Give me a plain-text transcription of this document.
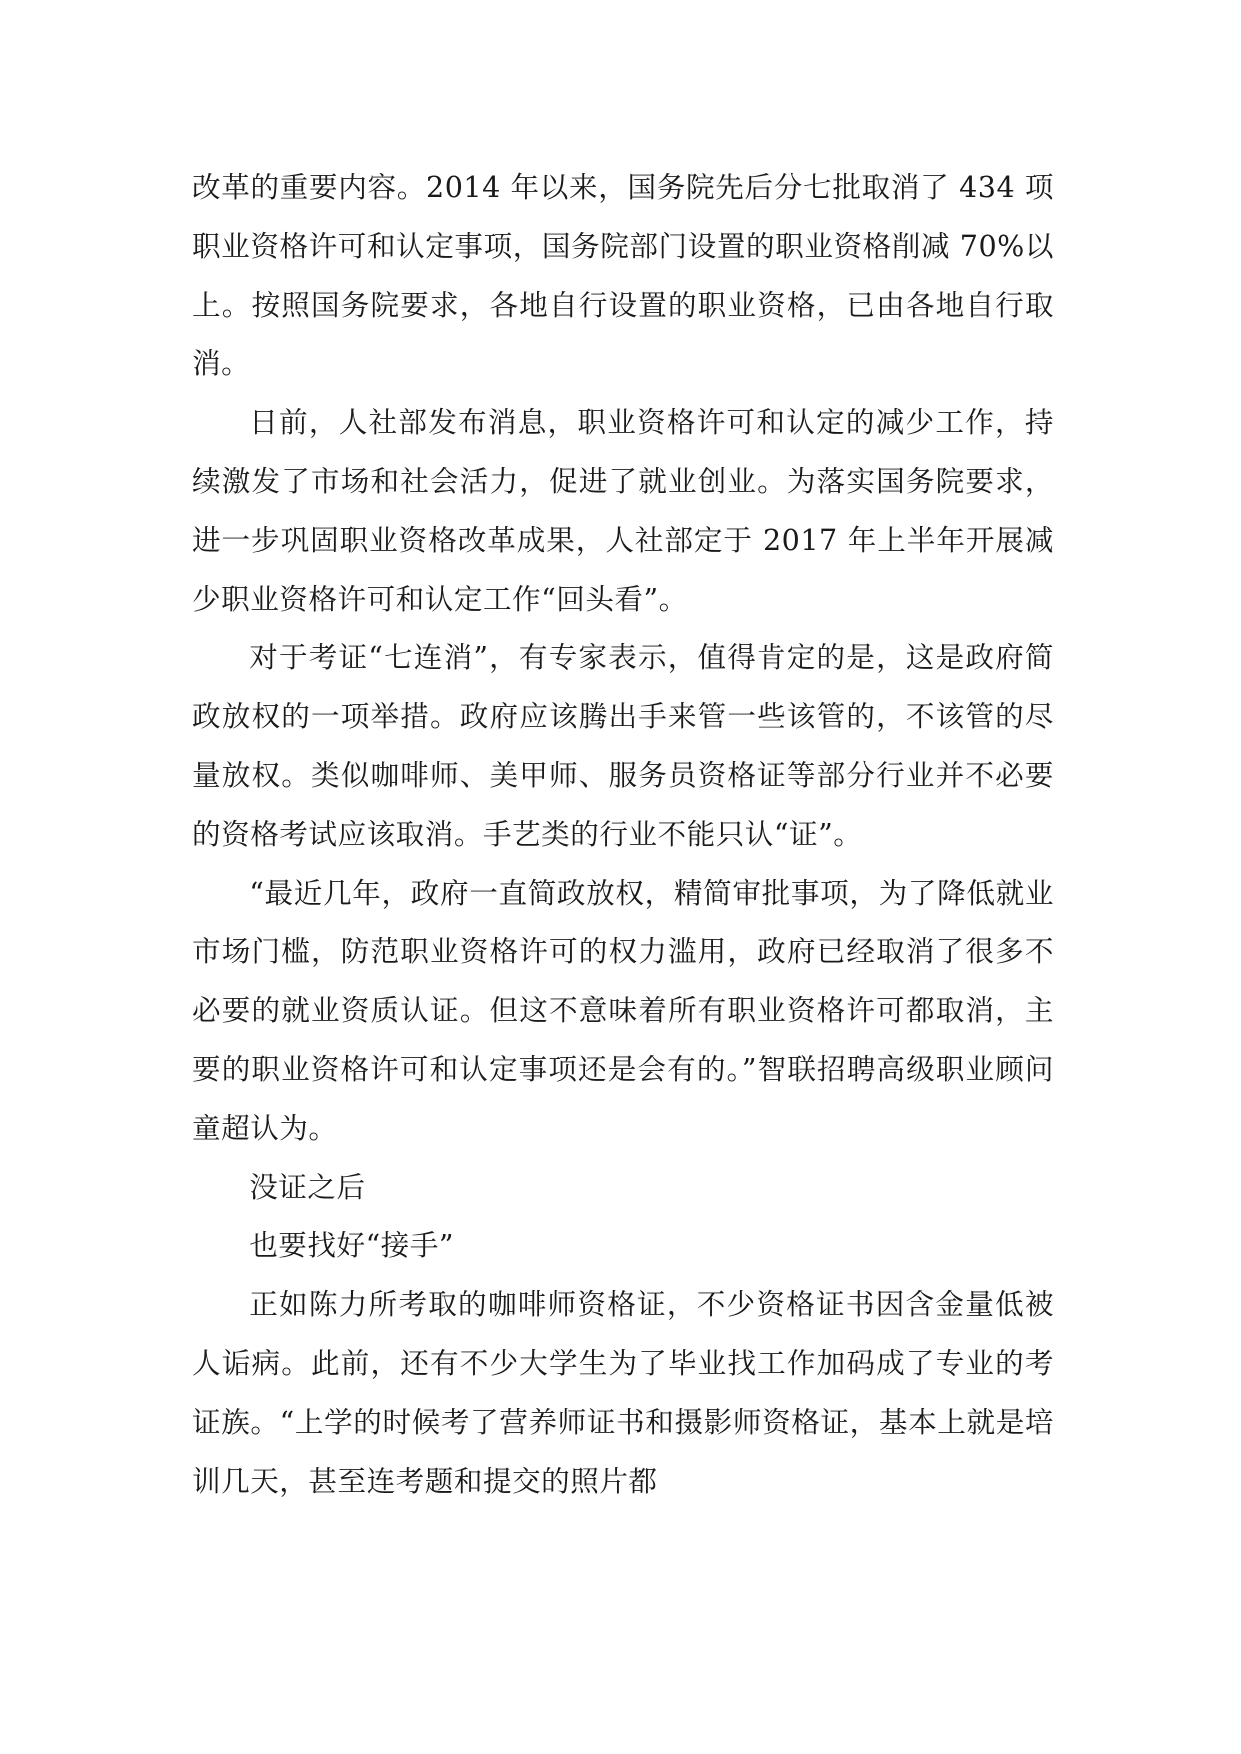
改革的重要内容。2014 年以来，国务院先后分七批取消了 434 项职业资格许可和认定事项，国务院部门设置的职业资格削减 70%以上。按照国务院要求，各地自行设置的职业资格，已由各地自行取消。

日前，人社部发布消息，职业资格许可和认定的减少工作，持续激发了市场和社会活力，促进了就业创业。为落实国务院要求，进一步巩固职业资格改革成果，人社部定于 2017 年上半年开展减少职业资格许可和认定工作“回头看”。

对于考证“七连消”，有专家表示，值得肯定的是，这是政府简政放权的一项举措。政府应该腾出手来管一些该管的，不该管的尽量放权。类似咖啡师、美甲师、服务员资格证等部分行业并不必要的资格考试应该取消。手艺类的行业不能只认“证”。

“最近几年，政府一直简政放权，精简审批事项，为了降低就业市场门槛，防范职业资格许可的权力滥用，政府已经取消了很多不必要的就业资质认证。但这不意味着所有职业资格许可都取消，主要的职业资格许可和认定事项还是会有的。”智联招聘高级职业顾问童超认为。

没证之后

也要找好“接手”

正如陈力所考取的咖啡师资格证，不少资格证书因含金量低被人诟病。此前，还有不少大学生为了毕业找工作加码成了专业的考证族。“上学的时候考了营养师证书和摄影师资格证，基本上就是培训几天，甚至连考题和提交的照片都
